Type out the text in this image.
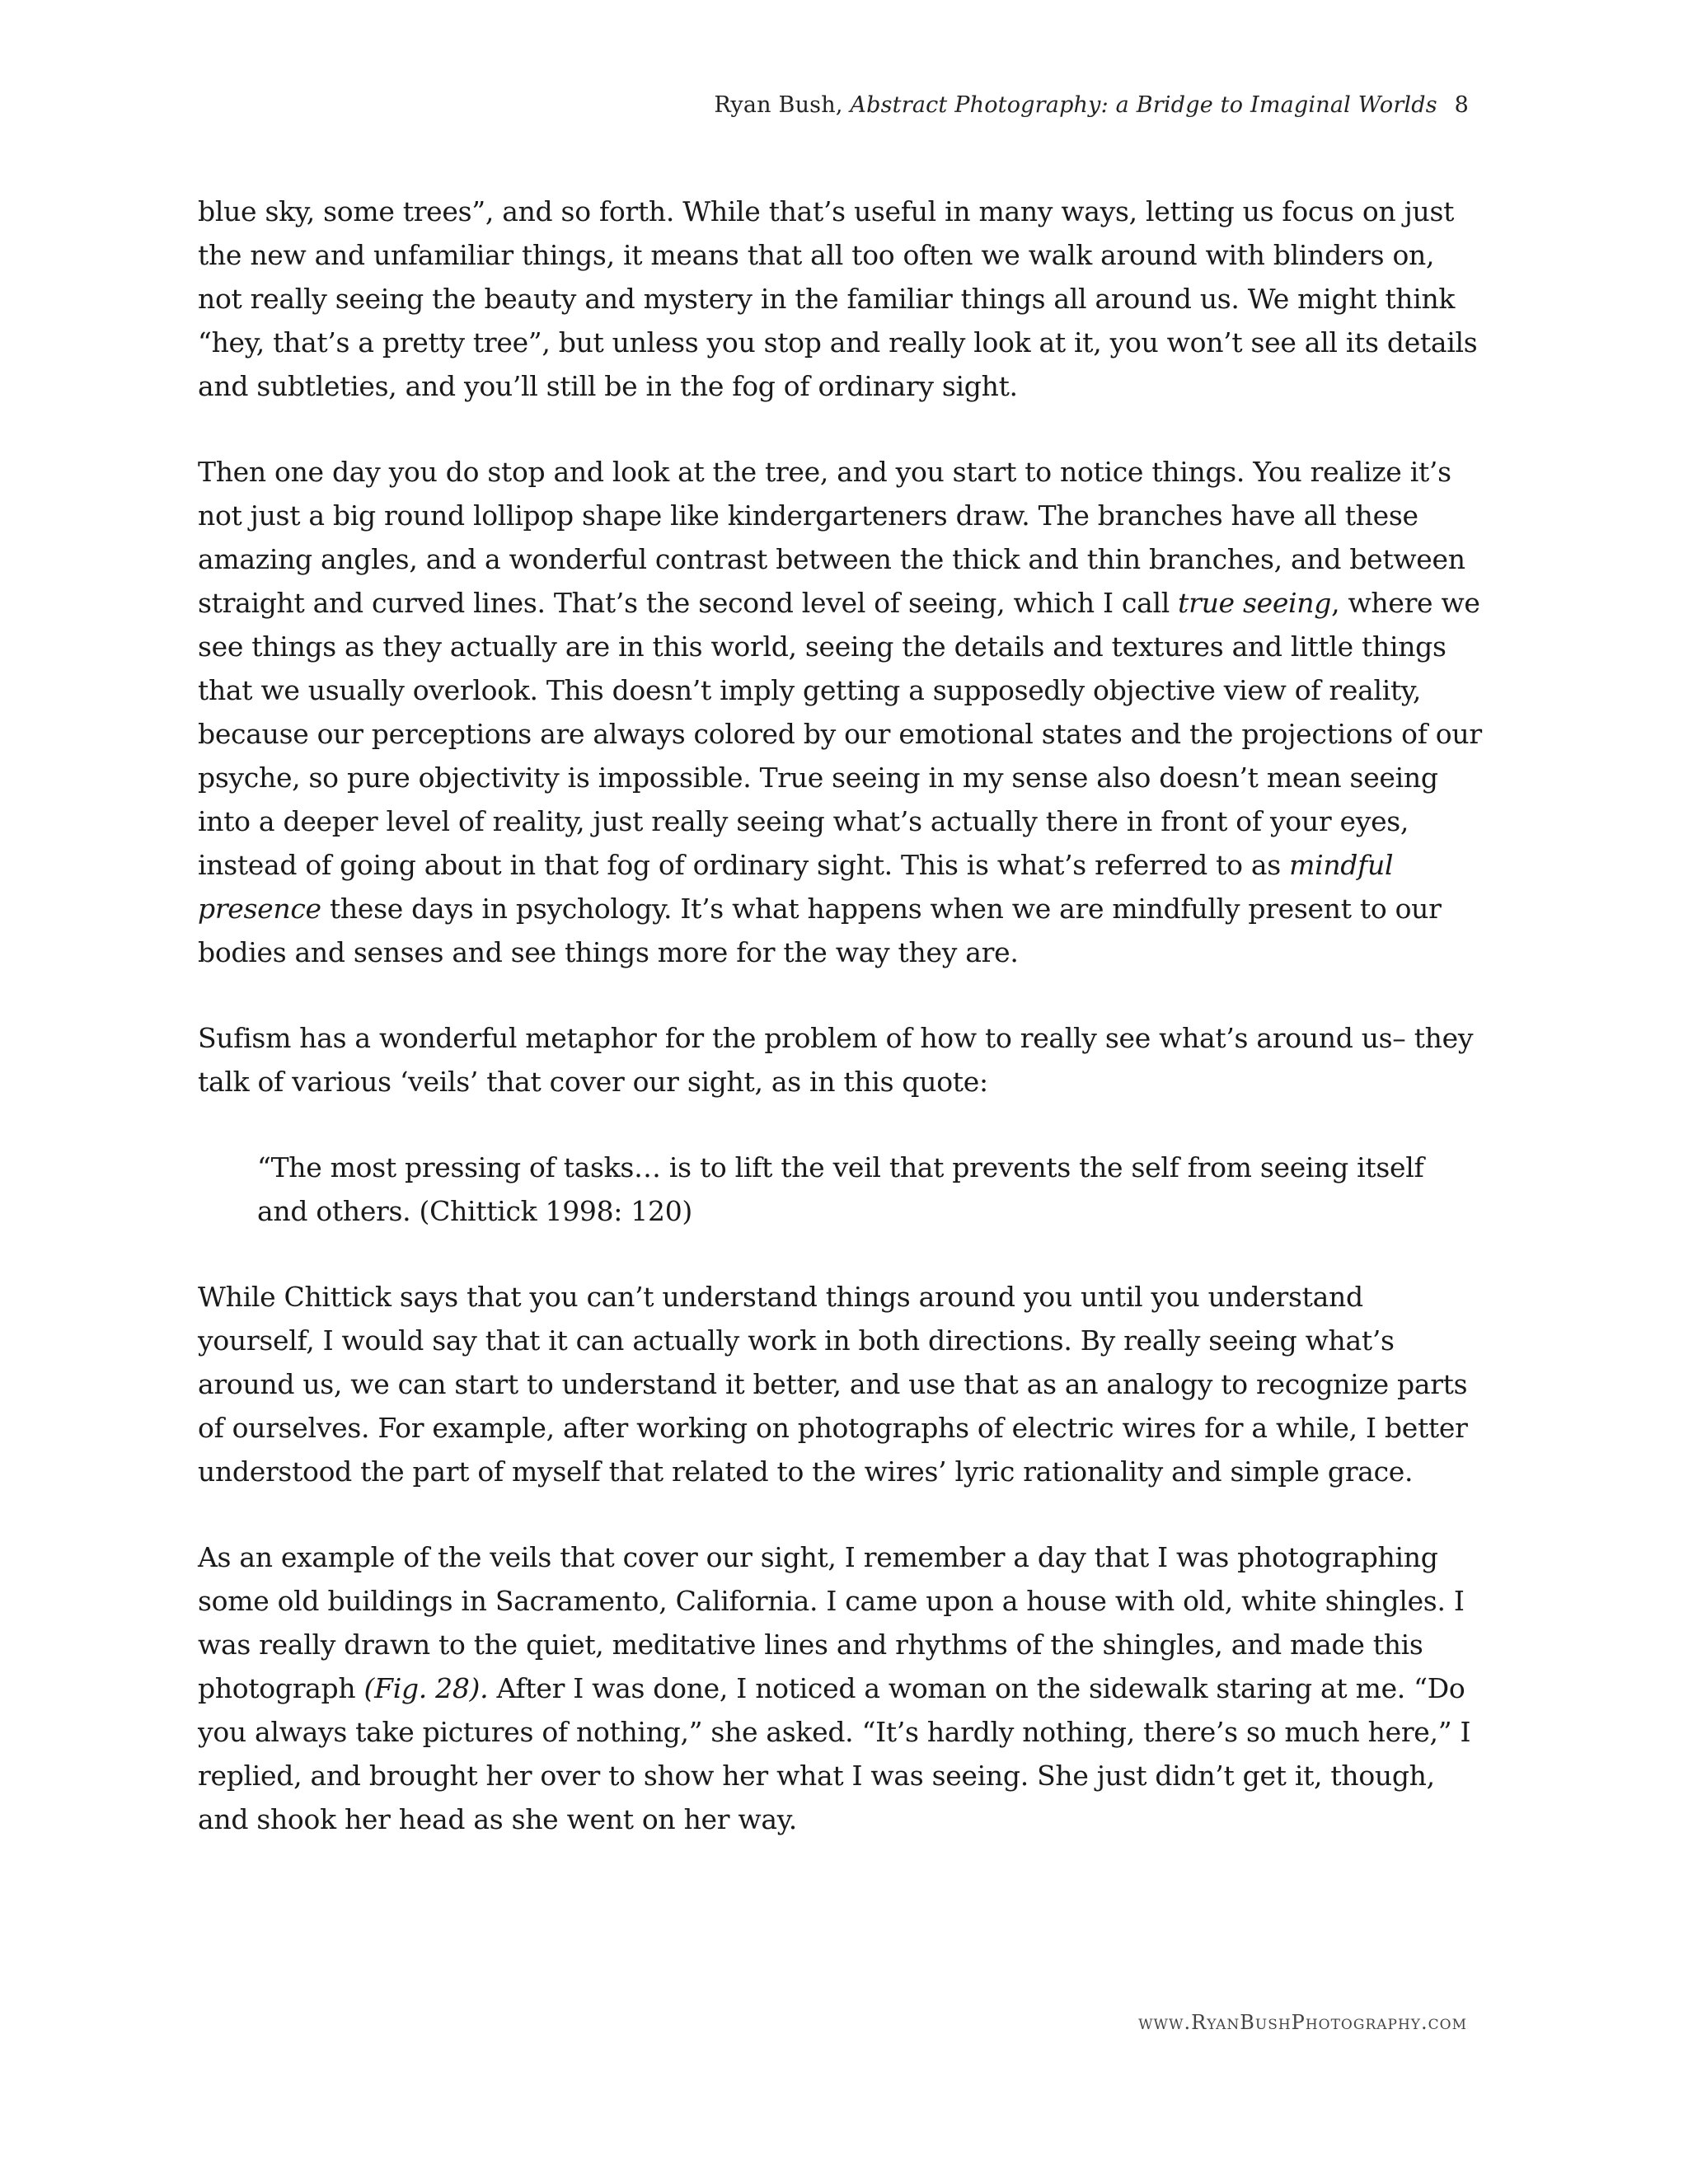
Ryan Bush, Abstract Photography: a Bridge to Imaginal Worlds 8

blue sky, some trees”, and so forth. While that’s useful in many ways, letting us focus on just the new and unfamiliar things, it means that all too often we walk around with blinders on, not really seeing the beauty and mystery in the familiar things all around us. We might think “hey, that’s a pretty tree”, but unless you stop and really look at it, you won’t see all its details and subtleties, and you’ll still be in the fog of ordinary sight.

Then one day you do stop and look at the tree, and you start to notice things. You realize it’s not just a big round lollipop shape like kindergarteners draw. The branches have all these amazing angles, and a wonderful contrast between the thick and thin branches, and between straight and curved lines. That’s the second level of seeing, which I call true seeing, where we see things as they actually are in this world, seeing the details and textures and little things that we usually overlook. This doesn’t imply getting a supposedly objective view of reality, because our perceptions are always colored by our emotional states and the projections of our psyche, so pure objectivity is impossible. True seeing in my sense also doesn’t mean seeing into a deeper level of reality, just really seeing what’s actually there in front of your eyes, instead of going about in that fog of ordinary sight. This is what’s referred to as mindful presence these days in psychology. It’s what happens when we are mindfully present to our bodies and senses and see things more for the way they are.

Sufism has a wonderful metaphor for the problem of how to really see what’s around us– they talk of various ‘veils’ that cover our sight, as in this quote:

“The most pressing of tasks… is to lift the veil that prevents the self from seeing itself and others. (Chittick 1998: 120)

While Chittick says that you can’t understand things around you until you understand yourself, I would say that it can actually work in both directions. By really seeing what’s around us, we can start to understand it better, and use that as an analogy to recognize parts of ourselves. For example, after working on photographs of electric wires for a while, I better understood the part of myself that related to the wires’ lyric rationality and simple grace.

As an example of the veils that cover our sight, I remember a day that I was photographing some old buildings in Sacramento, California. I came upon a house with old, white shingles. I was really drawn to the quiet, meditative lines and rhythms of the shingles, and made this photograph (Fig. 28). After I was done, I noticed a woman on the sidewalk staring at me. “Do you always take pictures of nothing,” she asked. “It’s hardly nothing, there’s so much here,” I replied, and brought her over to show her what I was seeing. She just didn’t get it, though, and shook her head as she went on her way.

www.RyanBushPhotography.com
